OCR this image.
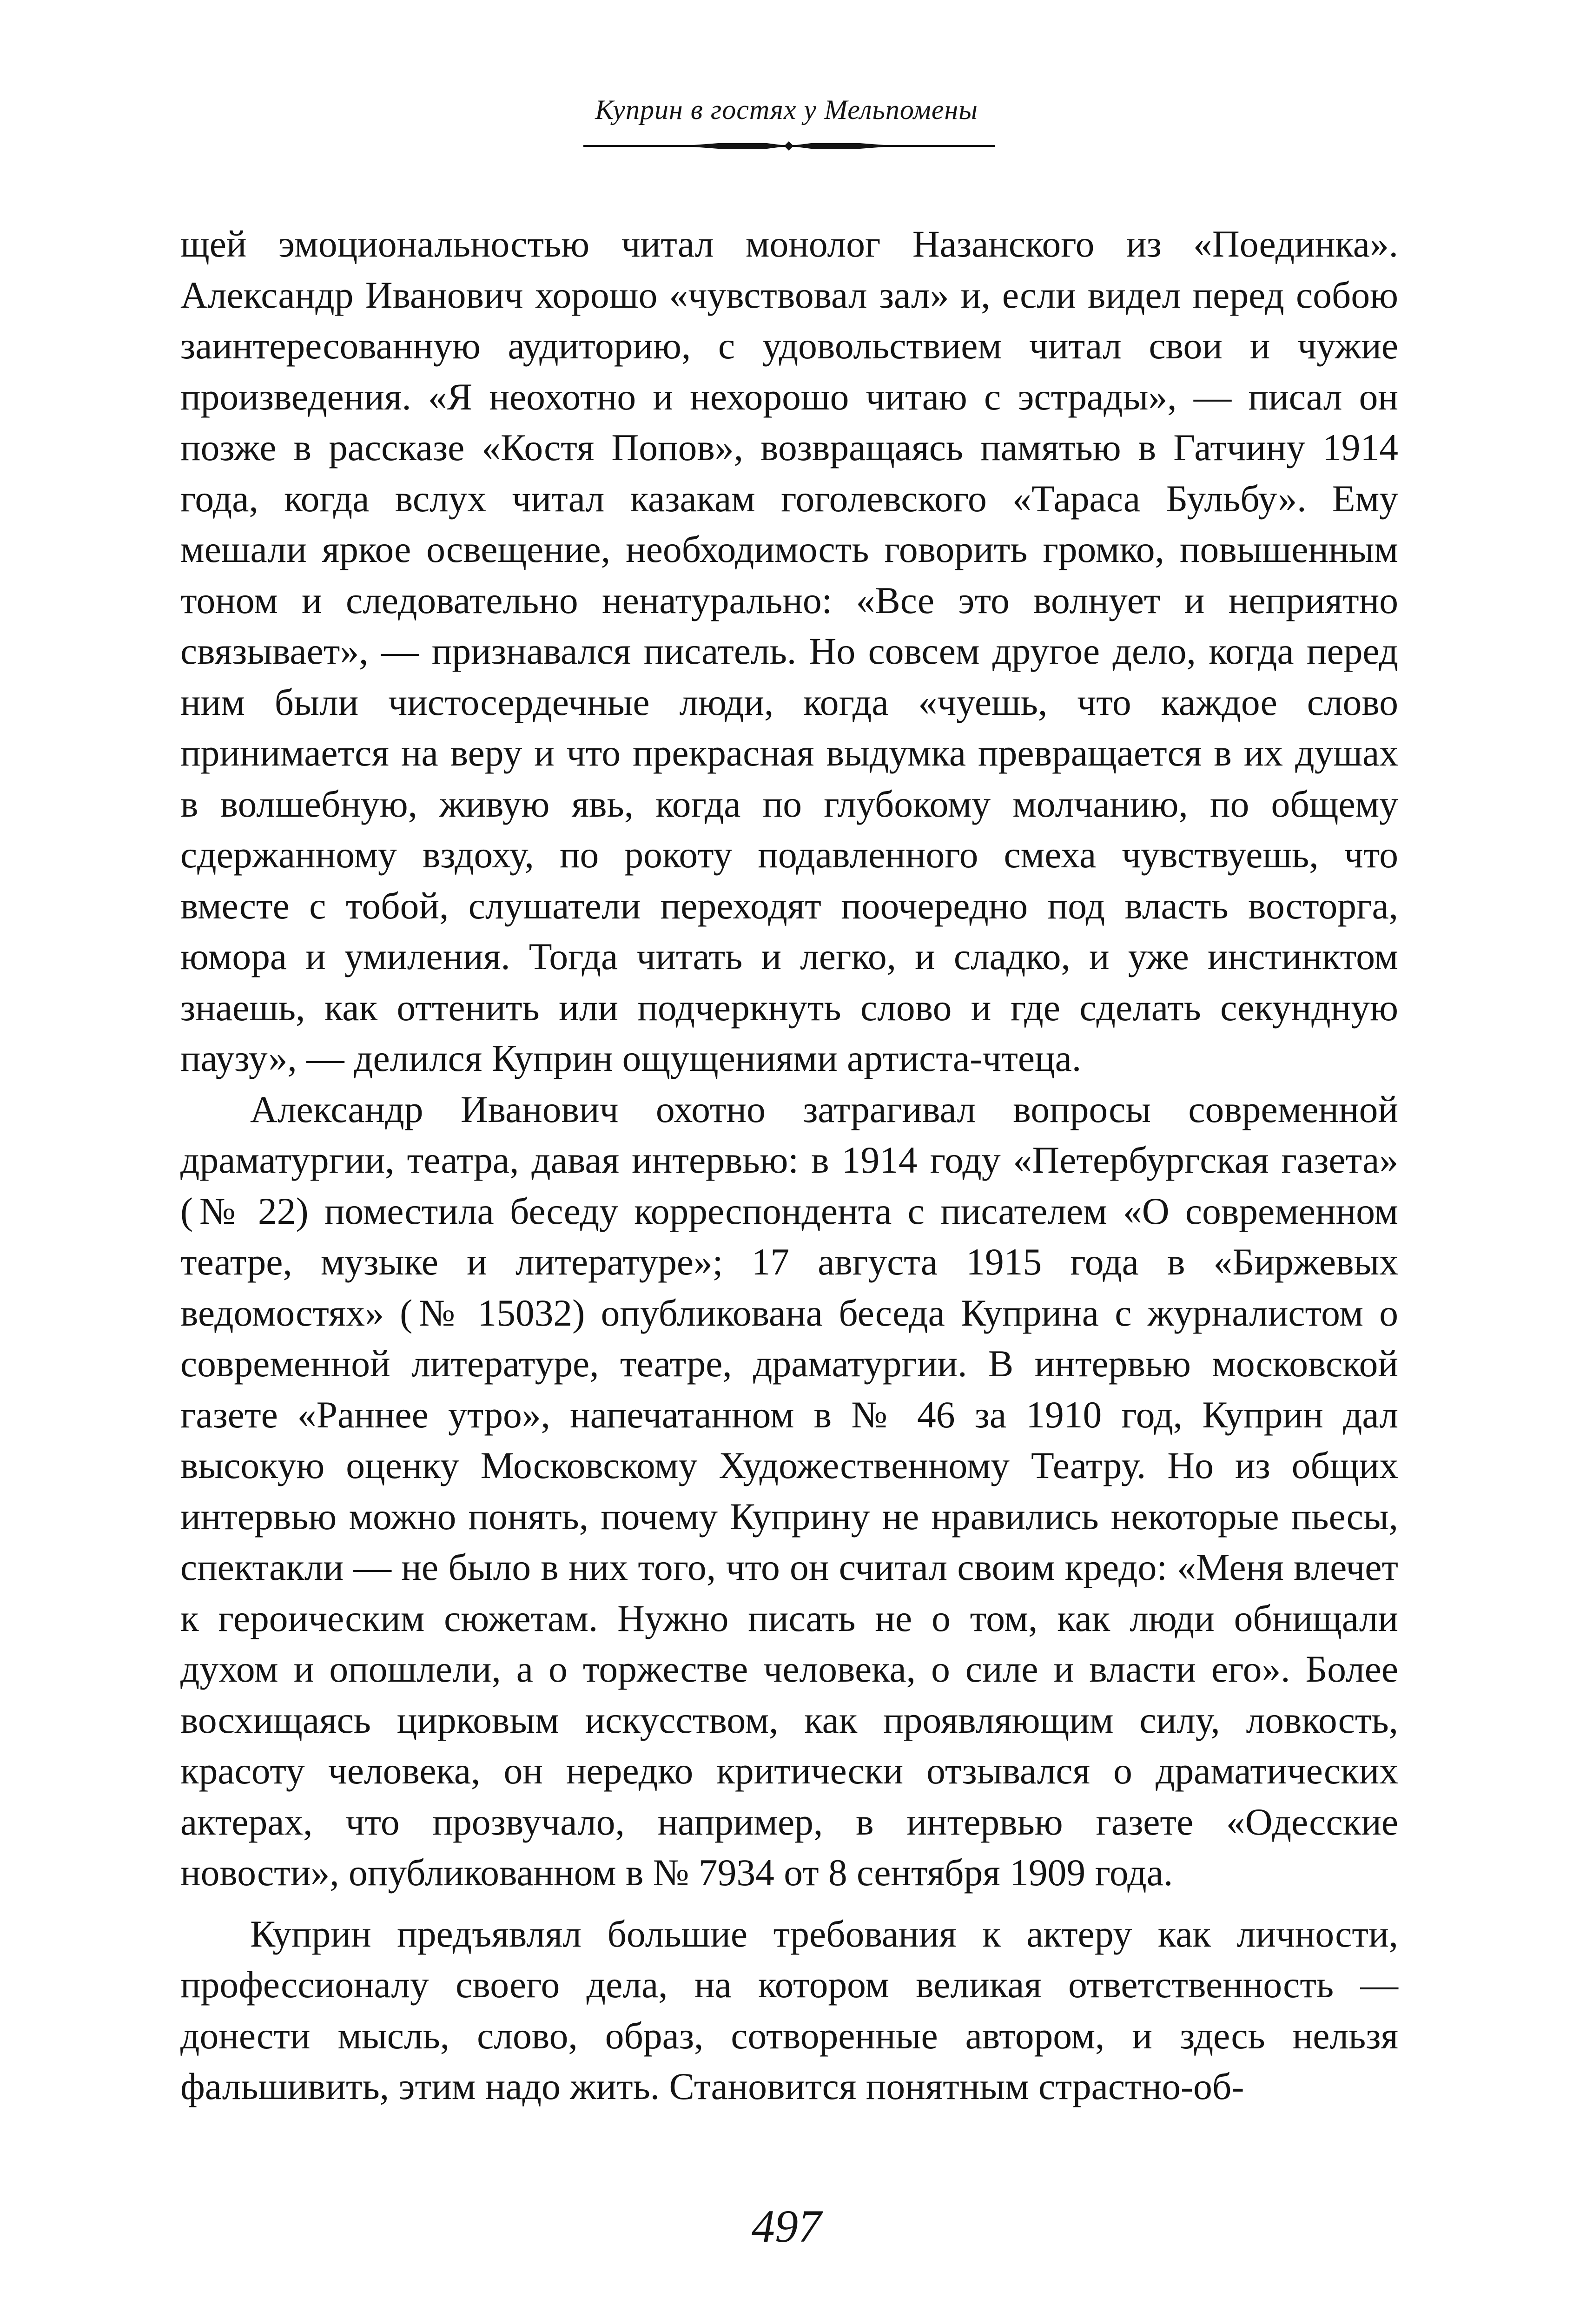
Куприн в гостях у Мельпомены

щей эмоциональностью читал монолог Назанского из «Поединка». Александр Иванович хорошо «чувствовал зал» и, если видел перед собою заинтересованную аудиторию, с удовольствием читал свои и чужие произведения. «Я неохотно и нехорошо читаю с эстрады», — писал он позже в рассказе «Костя Попов», возвращаясь памятью в Гатчину 1914 года, когда вслух читал казакам гоголевского «Тараса Бульбу». Ему мешали яркое освещение, необходимость говорить громко, повышенным тоном и следовательно ненатурально: «Все это волнует и неприятно связывает», — признавался писатель. Но совсем другое дело, когда перед ним были чистосердечные люди, когда «чуешь, что каждое слово принимается на веру и что прекрасная выдумка превращается в их душах в волшебную, живую явь, когда по глубокому молчанию, по общему сдержанному вздоху, по рокоту подавленного смеха чувствуешь, что вместе с тобой, слушатели переходят поочередно под власть восторга, юмора и умиления. Тогда читать и легко, и сладко, и уже инстинктом знаешь, как оттенить или подчеркнуть слово и где сделать секундную паузу», — делился Куприн ощущениями артиста-чтеца.

Александр Иванович охотно затрагивал вопросы современной драматургии, театра, давая интервью: в 1914 году «Петербургская газета» (№ 22) поместила беседу корреспондента с писателем «О современном театре, музыке и литературе»; 17 августа 1915 года в «Биржевых ведомостях» (№ 15032) опубликована беседа Куприна с журналистом о современной литературе, театре, драматургии. В интервью московской газете «Раннее утро», напечатанном в № 46 за 1910 год, Куприн дал высокую оценку Московскому Художественному Театру. Но из общих интервью можно понять, почему Куприну не нравились некоторые пьесы, спектакли — не было в них того, что он считал своим кредо: «Меня влечет к героическим сюжетам. Нужно писать не о том, как люди обнищали духом и опошлели, а о торжестве человека, о силе и власти его». Более восхищаясь цирковым искусством, как проявляющим силу, ловкость, красоту человека, он нередко критически отзывался о драматических актерах, что прозвучало, например, в интервью газете «Одесские новости», опубликованном в № 7934 от 8 сентября 1909 года.

Куприн предъявлял большие требования к актеру как личности, профессионалу своего дела, на котором великая ответственность — донести мысль, слово, образ, сотворенные автором, и здесь нельзя фальшивить, этим надо жить. Становится понятным страстно-об-

497
